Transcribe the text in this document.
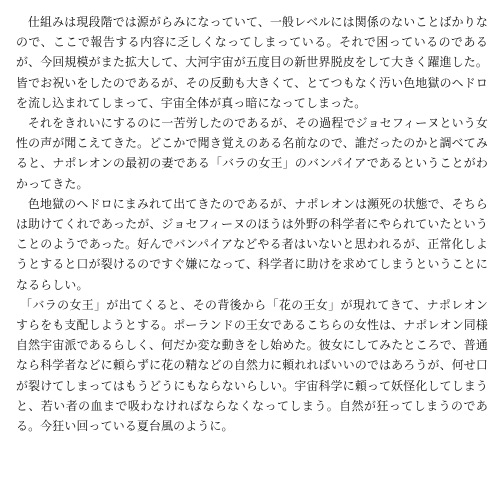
仕組みは現段階では源がらみになっていて、一般レベルには関係のないことばかりなので、ここで報告する内容に乏しくなってしまっている。それで困っているのであるが、今回規模がまた拡大して、大河宇宙が五度目の新世界脱皮をして大きく躍進した。皆でお祝いをしたのであるが、その反動も大きくて、とてつもなく汚い色地獄のヘドロを流し込まれてしまって、宇宙全体が真っ暗になってしまった。

それをきれいにするのに一苦労したのであるが、その過程でジョセフィーヌという女性の声が聞こえてきた。どこかで聞き覚えのある名前なので、誰だったのかと調べてみると、ナポレオンの最初の妻である「バラの女王」のバンパイアであるということがわかってきた。

色地獄のヘドロにまみれて出てきたのであるが、ナポレオンは瀕死の状態で、そちらは助けてくれであったが、ジョセフィーヌのほうは外野の科学者にやられていたということのようであった。好んでバンパイアなどやる者はいないと思われるが、正常化しようとすると口が裂けるのですぐ嫌になって、科学者に助けを求めてしまうということになるらしい。

「バラの女王」が出てくると、その背後から「花の王女」が現れてきて、ナポレオンすらをも支配しようとする。ポーランドの王女であるこちらの女性は、ナポレオン同様自然宇宙派であるらしく、何だか変な動きをし始めた。彼女にしてみたところで、普通なら科学者などに頼らずに花の精などの自然力に頼れればいいのではあろうが、何せ口が裂けてしまってはもうどうにもならないらしい。宇宙科学に頼って妖怪化してしまうと、若い者の血まで吸わなければならなくなってしまう。自然が狂ってしまうのである。今狂い回っている夏台風のように。
